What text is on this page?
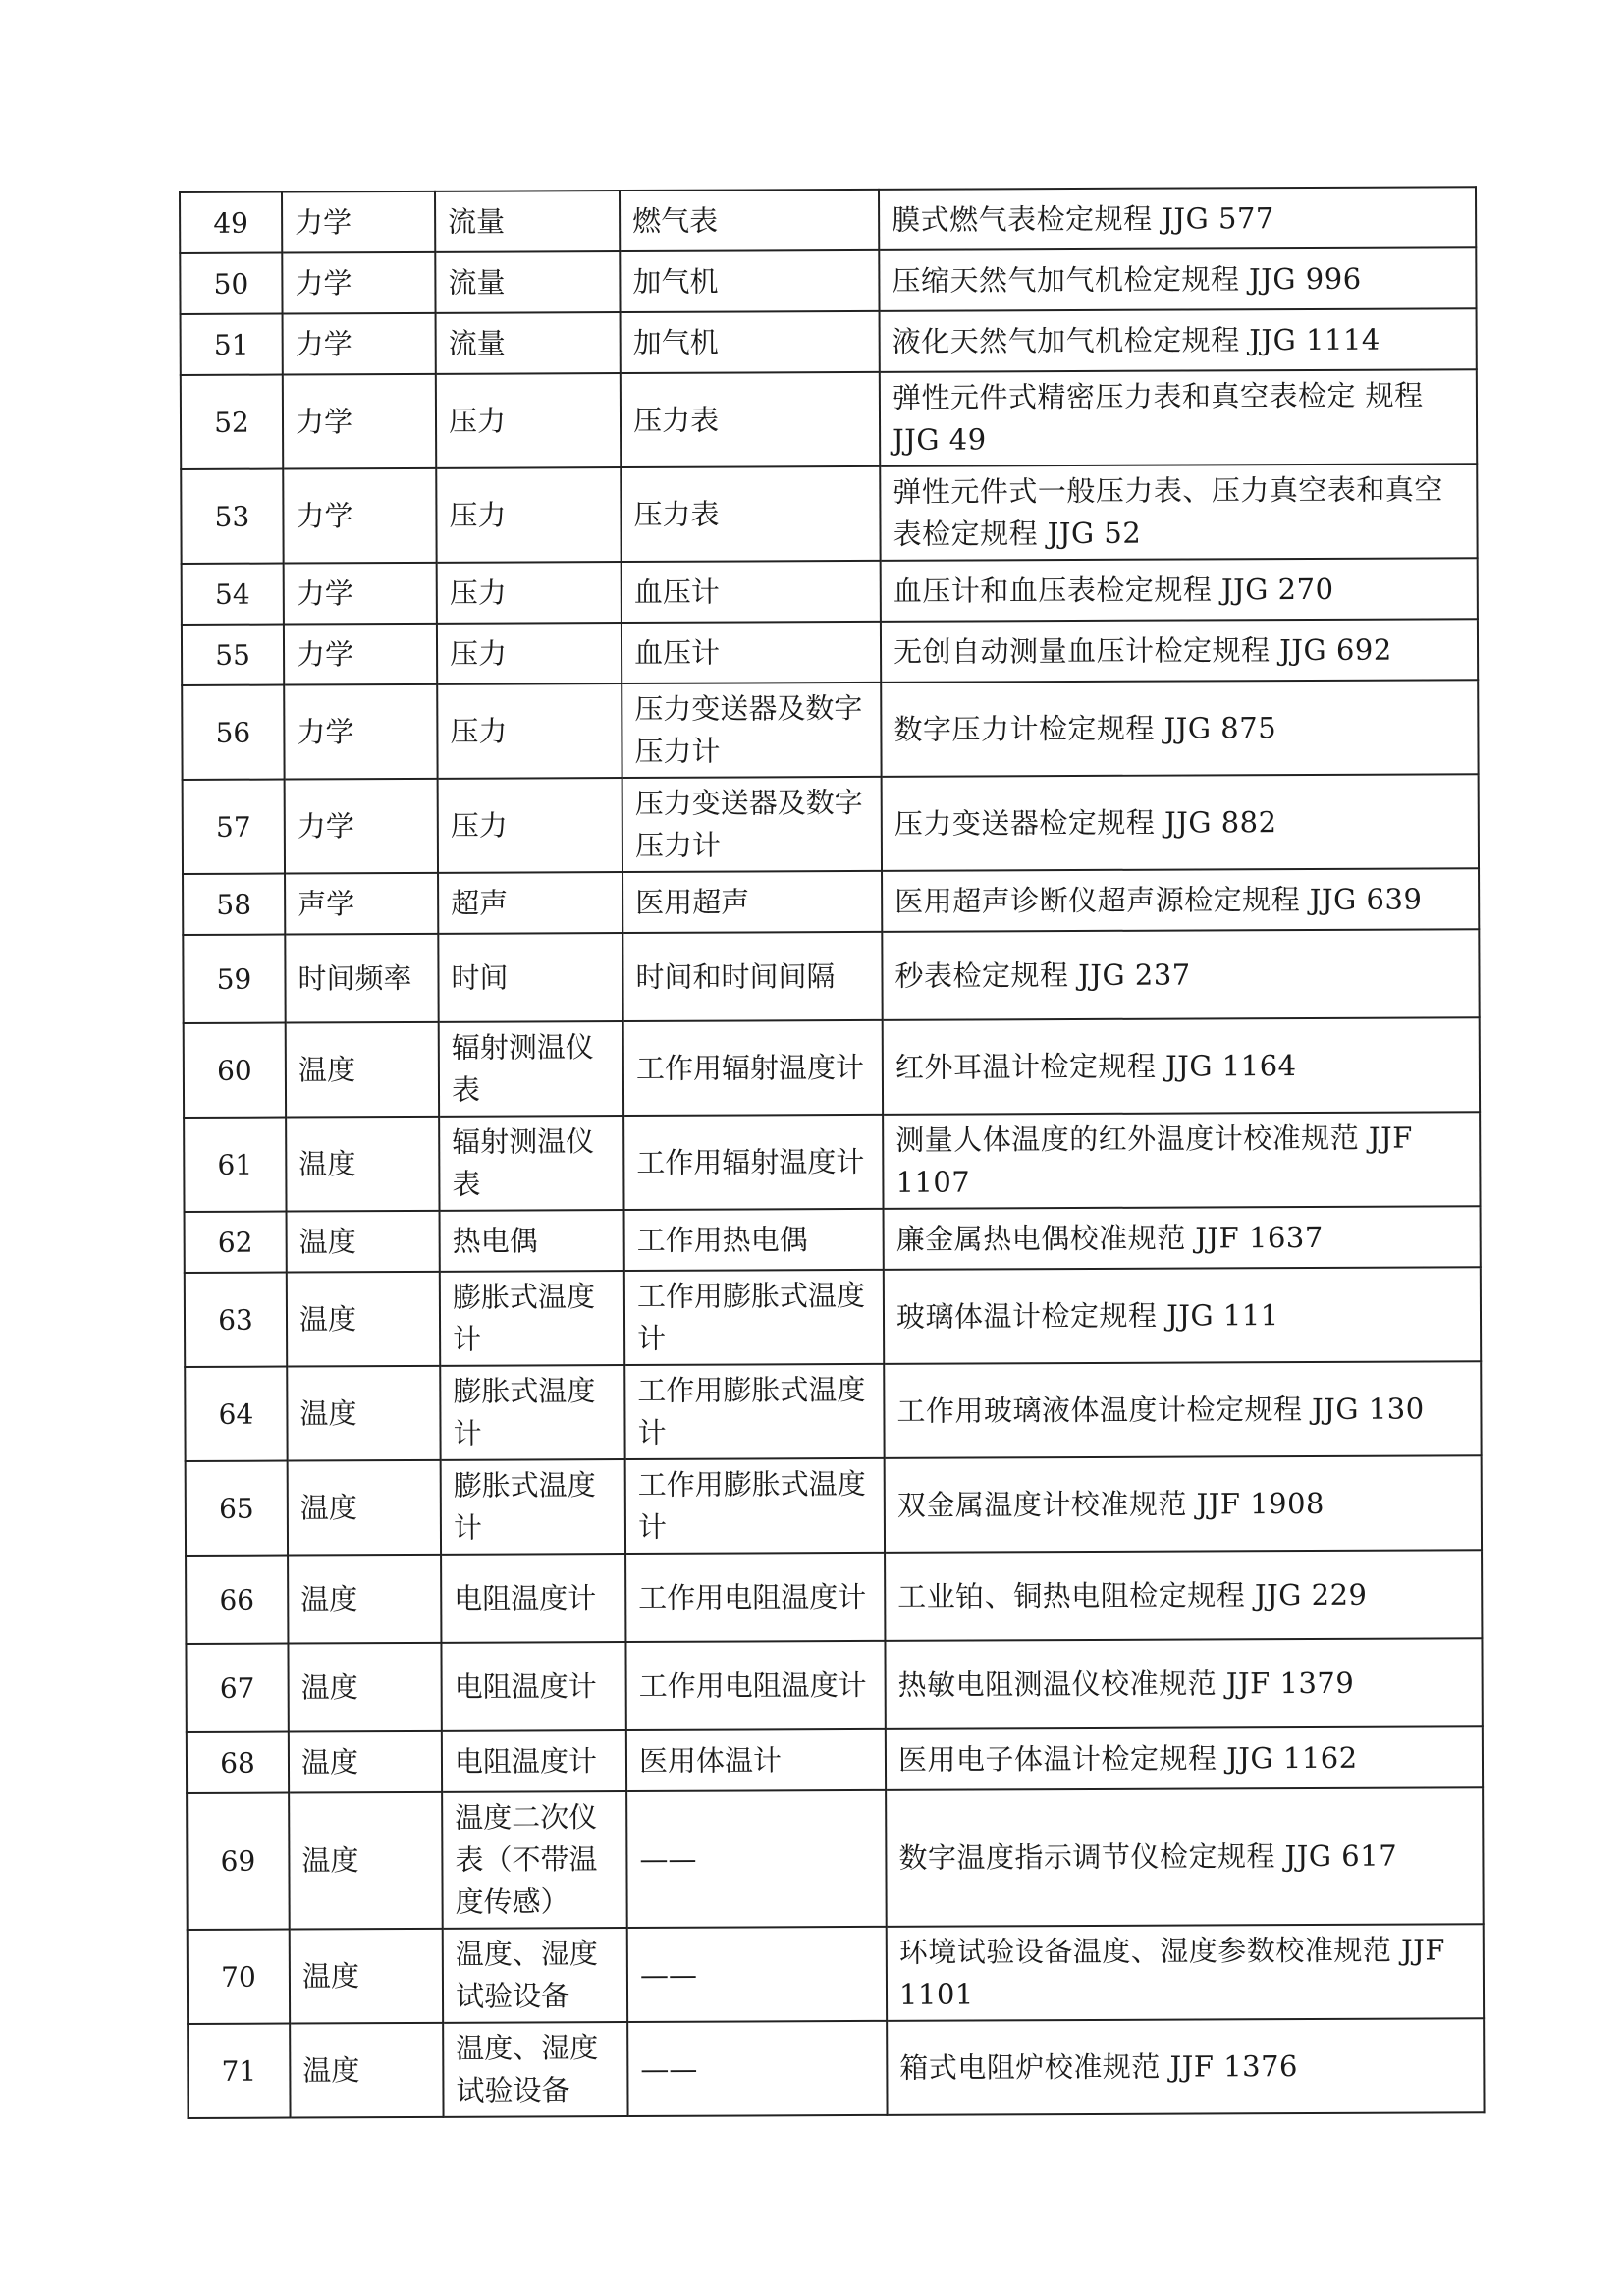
49	力学	流量	燃气表	膜式燃气表检定规程 JJG 577
50	力学	流量	加气机	压缩天然气加气机检定规程 JJG 996
51	力学	流量	加气机	液化天然气加气机检定规程 JJG 1114
52	力学	压力	压力表	弹性元件式精密压力表和真空表检定 规程 JJG 49
53	力学	压力	压力表	弹性元件式一般压力表、压力真空表和真空表检定规程 JJG 52
54	力学	压力	血压计	血压计和血压表检定规程 JJG 270
55	力学	压力	血压计	无创自动测量血压计检定规程 JJG 692
56	力学	压力	压力变送器及数字压力计	数字压力计检定规程 JJG 875
57	力学	压力	压力变送器及数字压力计	压力变送器检定规程 JJG 882
58	声学	超声	医用超声	医用超声诊断仪超声源检定规程 JJG 639
59	时间频率	时间	时间和时间间隔	秒表检定规程 JJG 237
60	温度	辐射测温仪表	工作用辐射温度计	红外耳温计检定规程 JJG 1164
61	温度	辐射测温仪表	工作用辐射温度计	测量人体温度的红外温度计校准规范 JJF 1107
62	温度	热电偶	工作用热电偶	廉金属热电偶校准规范 JJF 1637
63	温度	膨胀式温度计	工作用膨胀式温度计	玻璃体温计检定规程 JJG 111
64	温度	膨胀式温度计	工作用膨胀式温度计	工作用玻璃液体温度计检定规程 JJG 130
65	温度	膨胀式温度计	工作用膨胀式温度计	双金属温度计校准规范 JJF 1908
66	温度	电阻温度计	工作用电阻温度计	工业铂、铜热电阻检定规程 JJG 229
67	温度	电阻温度计	工作用电阻温度计	热敏电阻测温仪校准规范 JJF 1379
68	温度	电阻温度计	医用体温计	医用电子体温计检定规程 JJG 1162
69	温度	温度二次仪表（不带温度传感）	——	数字温度指示调节仪检定规程 JJG 617
70	温度	温度、湿度试验设备	——	环境试验设备温度、湿度参数校准规范 JJF 1101
71	温度	温度、湿度试验设备	——	箱式电阻炉校准规范 JJF 1376
